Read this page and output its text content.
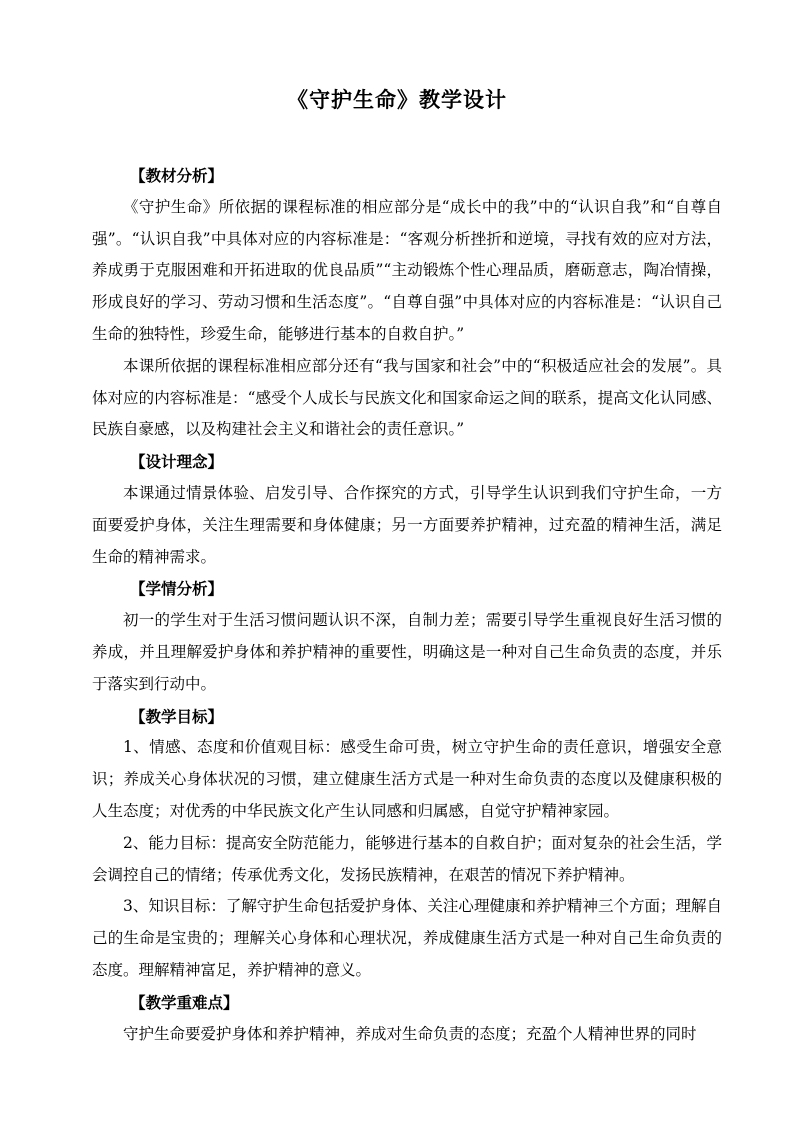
《守护生命》教学设计

【教材分析】

《守护生命》所依据的课程标准的相应部分是“成长中的我”中的“认识自我”和“自尊自强”。“认识自我”中具体对应的内容标准是：“客观分析挫折和逆境，寻找有效的应对方法，养成勇于克服困难和开拓进取的优良品质”“主动锻炼个性心理品质，磨砺意志，陶冶情操，形成良好的学习、劳动习惯和生活态度”。“自尊自强”中具体对应的内容标准是：“认识自己生命的独特性，珍爱生命，能够进行基本的自救自护。”

本课所依据的课程标准相应部分还有“我与国家和社会”中的“积极适应社会的发展”。具体对应的内容标准是：“感受个人成长与民族文化和国家命运之间的联系，提高文化认同感、民族自豪感，以及构建社会主义和谐社会的责任意识。”

【设计理念】

本课通过情景体验、启发引导、合作探究的方式，引导学生认识到我们守护生命，一方面要爱护身体，关注生理需要和身体健康；另一方面要养护精神，过充盈的精神生活，满足生命的精神需求。

【学情分析】

初一的学生对于生活习惯问题认识不深，自制力差；需要引导学生重视良好生活习惯的养成，并且理解爱护身体和养护精神的重要性，明确这是一种对自己生命负责的态度，并乐于落实到行动中。

【教学目标】

1、情感、态度和价值观目标：感受生命可贵，树立守护生命的责任意识，增强安全意识；养成关心身体状况的习惯，建立健康生活方式是一种对生命负责的态度以及健康积极的人生态度；对优秀的中华民族文化产生认同感和归属感，自觉守护精神家园。

2、能力目标：提高安全防范能力，能够进行基本的自救自护；面对复杂的社会生活，学会调控自己的情绪；传承优秀文化，发扬民族精神，在艰苦的情况下养护精神。

3、知识目标：了解守护生命包括爱护身体、关注心理健康和养护精神三个方面；理解自己的生命是宝贵的；理解关心身体和心理状况，养成健康生活方式是一种对自己生命负责的态度。理解精神富足，养护精神的意义。

【教学重难点】

守护生命要爱护身体和养护精神，养成对生命负责的态度；充盈个人精神世界的同时
